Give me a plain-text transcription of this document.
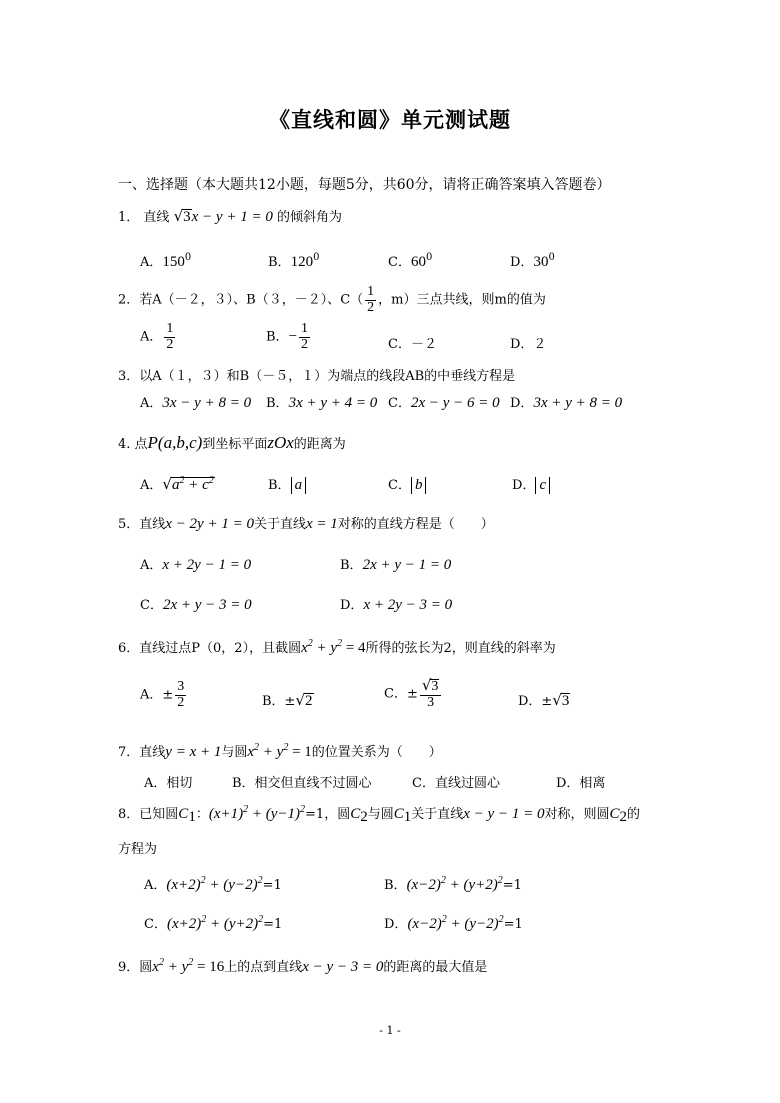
《直线和圆》单元测试题
一、选择题（本大题共12小题，每题5分，共60分，请将正确答案填入答题卷）
1． 直线 √3x − y + 1 = 0 的倾斜角为
A．$150^0$	B．$120^0$	C．$60^0$	D．$30^0$
2．若A（－２，３）、B（３，－２）、$C( \frac{1}{2}$ ，m）三点共线，则m的值为
A． $\frac{1}{2}$	B．− $\frac{1}{2}$	C．－２	D．２
3．以A（１，３）和B（－５，１）为端点的线段AB的中垂线方程是
A．3x − y + 8 = 0 B．3x + y + 4 = 0 C．2x − y − 6 = 0 D．3x + y + 8 = 0
4. 点P(a,b,c)到坐标平面zOx的距离为
A．$√a^2 + c^2$	B． a	C． b	D． c
5．直线x − 2y + 1 = 0关于直线x = 1对称的直线方程是（　　）
A．x + 2y − 1 = 0	B．2x + y − 1 = 0
C．2x + y − 3 = 0	D．x + 2y − 3 = 0
6．直线过点P（0，2），且截圆$x^2 + y^2 = 4$所得的弦长为2，则直线的斜率为
A．± $\frac{3}{2}$	B．±√2	C．± $\frac{√3}{3}$	D．±√3
7．直线y = x + 1与圆$x^2 + y^2 = 1$的位置关系为（　　）
A．相切	B．相交但直线不过圆心	C．直线过圆心	D．相离
8．已知圆$C_1$：$(x+1)^2 + (y-1)^2=1$，圆$C_2$与圆$C_1$关于直线x − y − 1 = 0对称，则圆$C_2$的
方程为
A．$(x+2)^2 + (y-2)^2=1$	B．$(x-2)^2 + (y+2)^2=1$
C．$(x+2)^2 + (y+2)^2=1$	D．$(x-2)^2 + (y-2)^2=1$
9．圆$x^2 + y^2 = 16$上的点到直线x − y − 3 = 0的距离的最大值是
- 1 -
